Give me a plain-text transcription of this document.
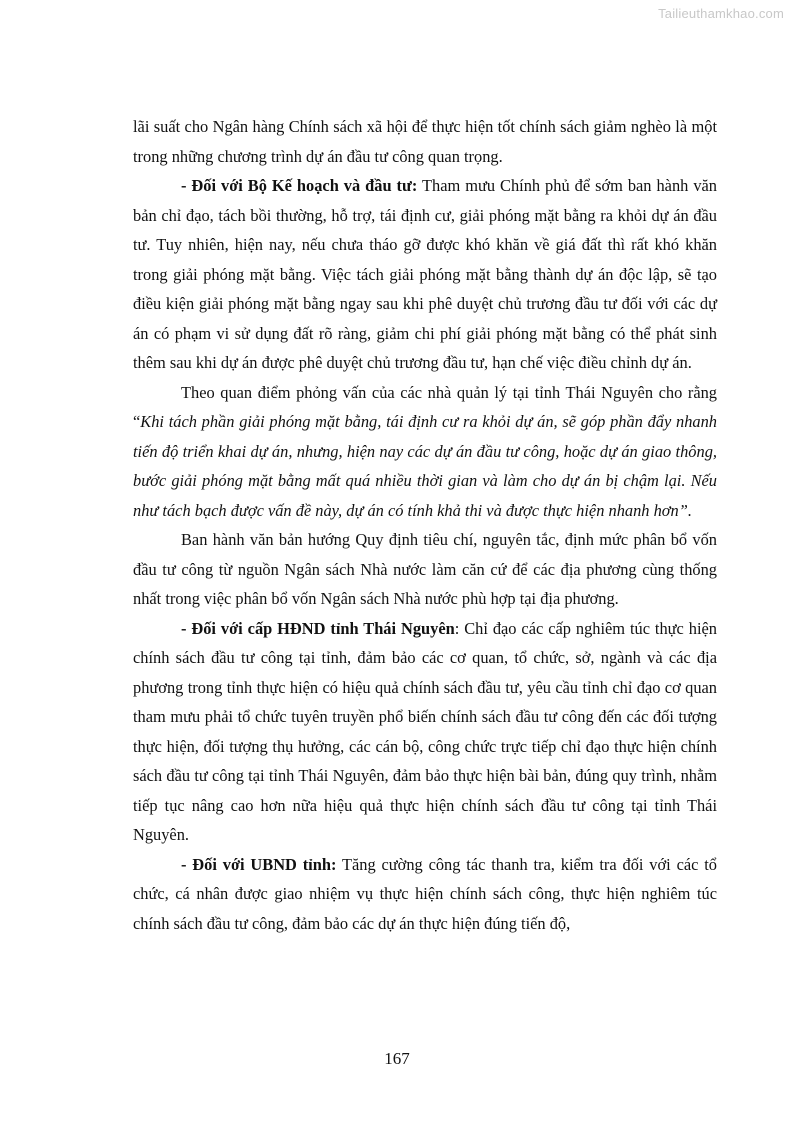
Tailieuthamkhao.com

lãi suất cho Ngân hàng Chính sách xã hội để thực hiện tốt chính sách giảm nghèo là một trong những chương trình dự án đầu tư công quan trọng.

- Đối với Bộ Kế hoạch và đầu tư: Tham mưu Chính phủ để sớm ban hành văn bản chỉ đạo, tách bồi thường, hỗ trợ, tái định cư, giải phóng mặt bằng ra khỏi dự án đầu tư. Tuy nhiên, hiện nay, nếu chưa tháo gỡ được khó khăn về giá đất thì rất khó khăn trong giải phóng mặt bằng. Việc tách giải phóng mặt bằng thành dự án độc lập, sẽ tạo điều kiện giải phóng mặt bằng ngay sau khi phê duyệt chủ trương đầu tư đối với các dự án có phạm vi sử dụng đất rõ ràng, giảm chi phí giải phóng mặt bằng có thể phát sinh thêm sau khi dự án được phê duyệt chủ trương đầu tư, hạn chế việc điều chỉnh dự án.

Theo quan điểm phỏng vấn của các nhà quản lý tại tỉnh Thái Nguyên cho rằng “Khi tách phần giải phóng mặt bằng, tái định cư ra khỏi dự án, sẽ góp phần đẩy nhanh tiến độ triển khai dự án, nhưng, hiện nay các dự án đầu tư công, hoặc dự án giao thông, bước giải phóng mặt bằng mất quá nhiều thời gian và làm cho dự án bị chậm lại. Nếu như tách bạch được vấn đề này, dự án có tính khả thi và được thực hiện nhanh hơn”.

Ban hành văn bản hướng Quy định tiêu chí, nguyên tắc, định mức phân bổ vốn đầu tư công từ nguồn Ngân sách Nhà nước làm căn cứ để các địa phương cùng thống nhất trong việc phân bổ vốn Ngân sách Nhà nước phù hợp tại địa phương.

- Đối với cấp HĐND tỉnh Thái Nguyên: Chỉ đạo các cấp nghiêm túc thực hiện chính sách đầu tư công tại tỉnh, đảm bảo các cơ quan, tổ chức, sở, ngành và các địa phương trong tỉnh thực hiện có hiệu quả chính sách đầu tư, yêu cầu tỉnh chỉ đạo cơ quan tham mưu phải tổ chức tuyên truyền phổ biến chính sách đầu tư công đến các đối tượng thực hiện, đối tượng thụ hưởng, các cán bộ, công chức trực tiếp chỉ đạo thực hiện chính sách đầu tư công tại tỉnh Thái Nguyên, đảm bảo thực hiện bài bản, đúng quy trình, nhằm tiếp tục nâng cao hơn nữa hiệu quả thực hiện chính sách đầu tư công tại tỉnh Thái Nguyên.

- Đối với UBND tỉnh: Tăng cường công tác thanh tra, kiểm tra đối với các tổ chức, cá nhân được giao nhiệm vụ thực hiện chính sách công, thực hiện nghiêm túc chính sách đầu tư công, đảm bảo các dự án thực hiện đúng tiến độ,

167
